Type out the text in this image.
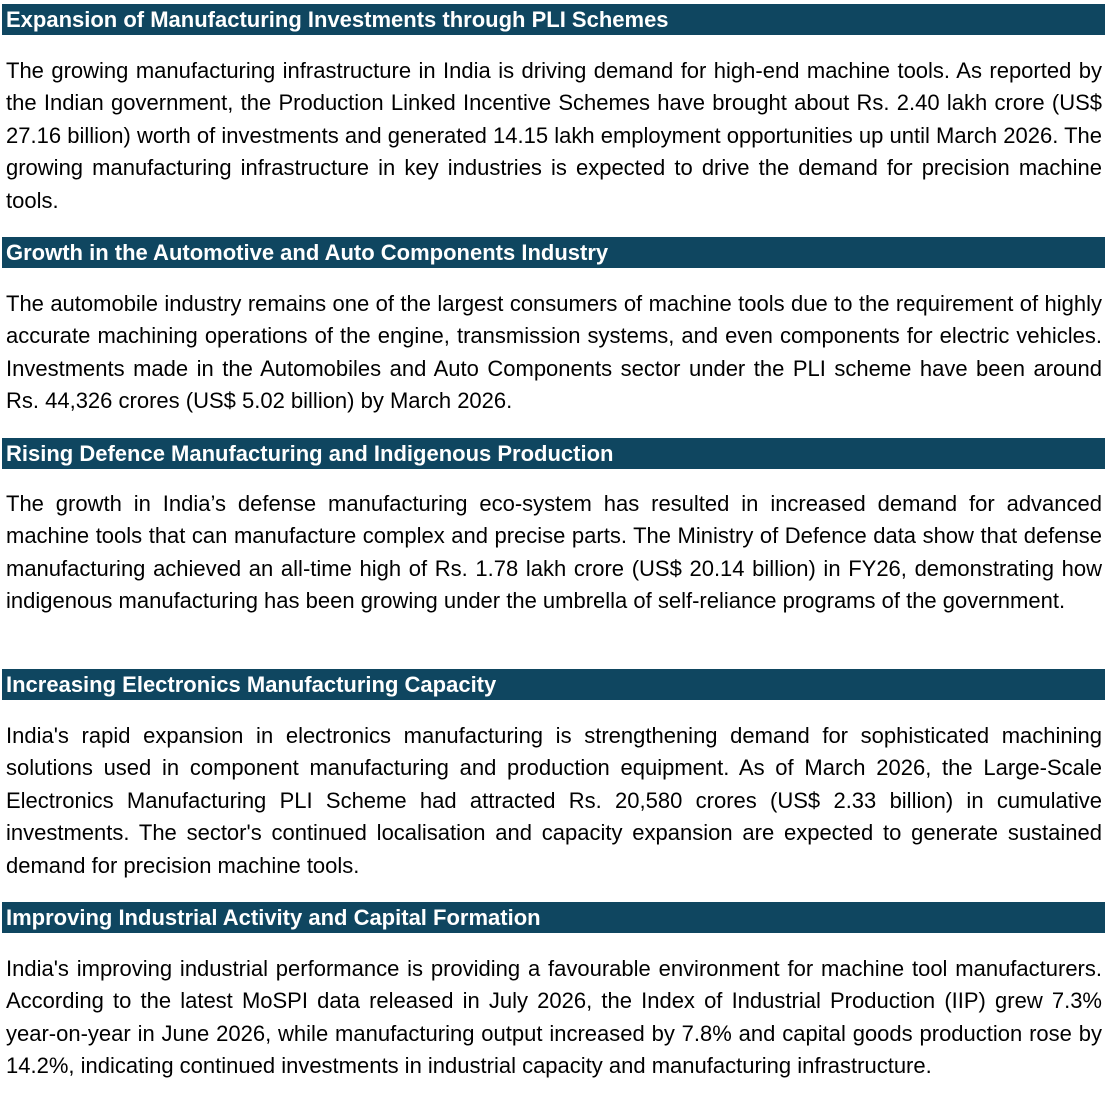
Expansion of Manufacturing Investments through PLI Schemes

The growing manufacturing infrastructure in India is driving demand for high-end machine tools. As reported by the Indian government, the Production Linked Incentive Schemes have brought about Rs. 2.40 lakh crore (US$ 27.16 billion) worth of investments and generated 14.15 lakh employment opportunities up until March 2026. The growing manufacturing infrastructure in key industries is expected to drive the demand for precision machine tools.

Growth in the Automotive and Auto Components Industry

The automobile industry remains one of the largest consumers of machine tools due to the requirement of highly accurate machining operations of the engine, transmission systems, and even components for electric vehicles. Investments made in the Automobiles and Auto Components sector under the PLI scheme have been around Rs. 44,326 crores (US$ 5.02 billion) by March 2026.

Rising Defence Manufacturing and Indigenous Production

The growth in India’s defense manufacturing eco-system has resulted in increased demand for advanced machine tools that can manufacture complex and precise parts. The Ministry of Defence data show that defense manufacturing achieved an all-time high of Rs. 1.78 lakh crore (US$ 20.14 billion) in FY26, demonstrating how indigenous manufacturing has been growing under the umbrella of self-reliance programs of the government.

Increasing Electronics Manufacturing Capacity

India's rapid expansion in electronics manufacturing is strengthening demand for sophisticated machining solutions used in component manufacturing and production equipment. As of March 2026, the Large-Scale Electronics Manufacturing PLI Scheme had attracted Rs. 20,580 crores (US$ 2.33 billion) in cumulative investments. The sector's continued localisation and capacity expansion are expected to generate sustained demand for precision machine tools.

Improving Industrial Activity and Capital Formation

India's improving industrial performance is providing a favourable environment for machine tool manufacturers. According to the latest MoSPI data released in July 2026, the Index of Industrial Production (IIP) grew 7.3% year-on-year in June 2026, while manufacturing output increased by 7.8% and capital goods production rose by 14.2%, indicating continued investments in industrial capacity and manufacturing infrastructure.
